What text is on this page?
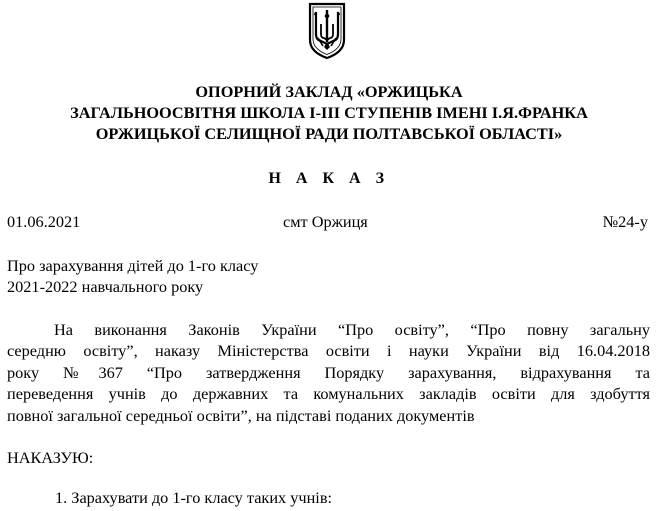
ОПОРНИЙ ЗАКЛАД «ОРЖИЦЬКА
ЗАГАЛЬНООСВІТНЯ ШКОЛА І-ІІІ СТУПЕНІВ ІМЕНІ І.Я.ФРАНКА
ОРЖИЦЬКОЇ СЕЛИЩНОЇ РАДИ ПОЛТАВСЬКОЇ ОБЛАСТІ»
Н А К А З
01.06.2021	смт Оржиця	№24-у
Про зарахування дітей до 1-го класу
2021-2022 навчального року
На виконання Законів України “Про освіту”, “Про повну загальну
середню освіту”, наказу Міністерства освіти і науки України від 16.04.2018
року №367 “Про затвердження Порядку зарахування, відрахування та
переведення учнів до державних та комунальних закладів освіти для здобуття
повної загальної середньої освіти”, на підставі поданих документів
НАКАЗУЮ:
1. Зарахувати до 1-го класу таких учнів:
